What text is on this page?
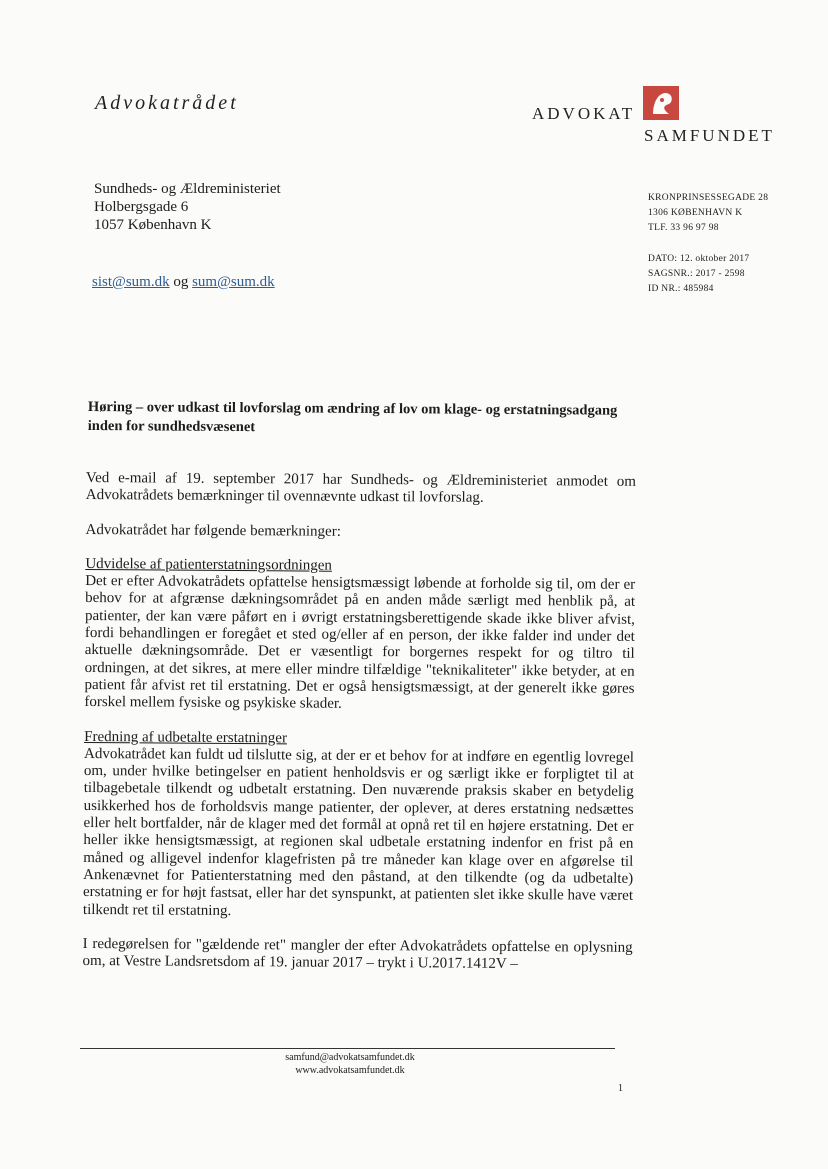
Advokatrådet	ADVOKAT
SAMFUNDET
Sundheds- og Ældreministeriet
Holbergsgade 6
1057 København K
sist@sum.dk og sum@sum.dk
KRONPRINSESSEGADE 28
1306 KØBENHAVN K
TLF. 33 96 97 98
DATO: 12. oktober 2017
SAGSNR.: 2017 - 2598
ID NR.: 485984
Høring – over udkast til lovforslag om ændring af lov om klage- og erstatningsadgang inden for sundhedsvæsenet

Ved e-mail af 19. september 2017 har Sundheds- og Ældreministeriet anmodet om Advokatrådets bemærkninger til ovennævnte udkast til lovforslag.

Advokatrådet har følgende bemærkninger:

Udvidelse af patienterstatningsordningen
Det er efter Advokatrådets opfattelse hensigtsmæssigt løbende at forholde sig til, om der er behov for at afgrænse dækningsområdet på en anden måde særligt med henblik på, at patienter, der kan være påført en i øvrigt erstatningsberettigende skade ikke bliver afvist, fordi behandlingen er foregået et sted og/eller af en person, der ikke falder ind under det aktuelle dækningsområde. Det er væsentligt for borgernes respekt for og tiltro til ordningen, at det sikres, at mere eller mindre tilfældige "teknikaliteter" ikke betyder, at en patient får afvist ret til erstatning. Det er også hensigtsmæssigt, at der generelt ikke gøres forskel mellem fysiske og psykiske skader.

Fredning af udbetalte erstatninger
Advokatrådet kan fuldt ud tilslutte sig, at der er et behov for at indføre en egentlig lovregel om, under hvilke betingelser en patient henholdsvis er og særligt ikke er forpligtet til at tilbagebetale tilkendt og udbetalt erstatning. Den nuværende praksis skaber en betydelig usikkerhed hos de forholdsvis mange patienter, der oplever, at deres erstatning nedsættes eller helt bortfalder, når de klager med det formål at opnå ret til en højere erstatning. Det er heller ikke hensigtsmæssigt, at regionen skal udbetale erstatning indenfor en frist på en måned og alligevel indenfor klagefristen på tre måneder kan klage over en afgørelse til Ankenævnet for Patienterstatning med den påstand, at den tilkendte (og da udbetalte) erstatning er for højt fastsat, eller har det synspunkt, at patienten slet ikke skulle have været tilkendt ret til erstatning.

I redegørelsen for "gældende ret" mangler der efter Advokatrådets opfattelse en oplysning om, at Vestre Landsretsdom af 19. januar 2017 – trykt i U.2017.1412V –

samfund@advokatsamfundet.dk
www.advokatsamfundet.dk
1
